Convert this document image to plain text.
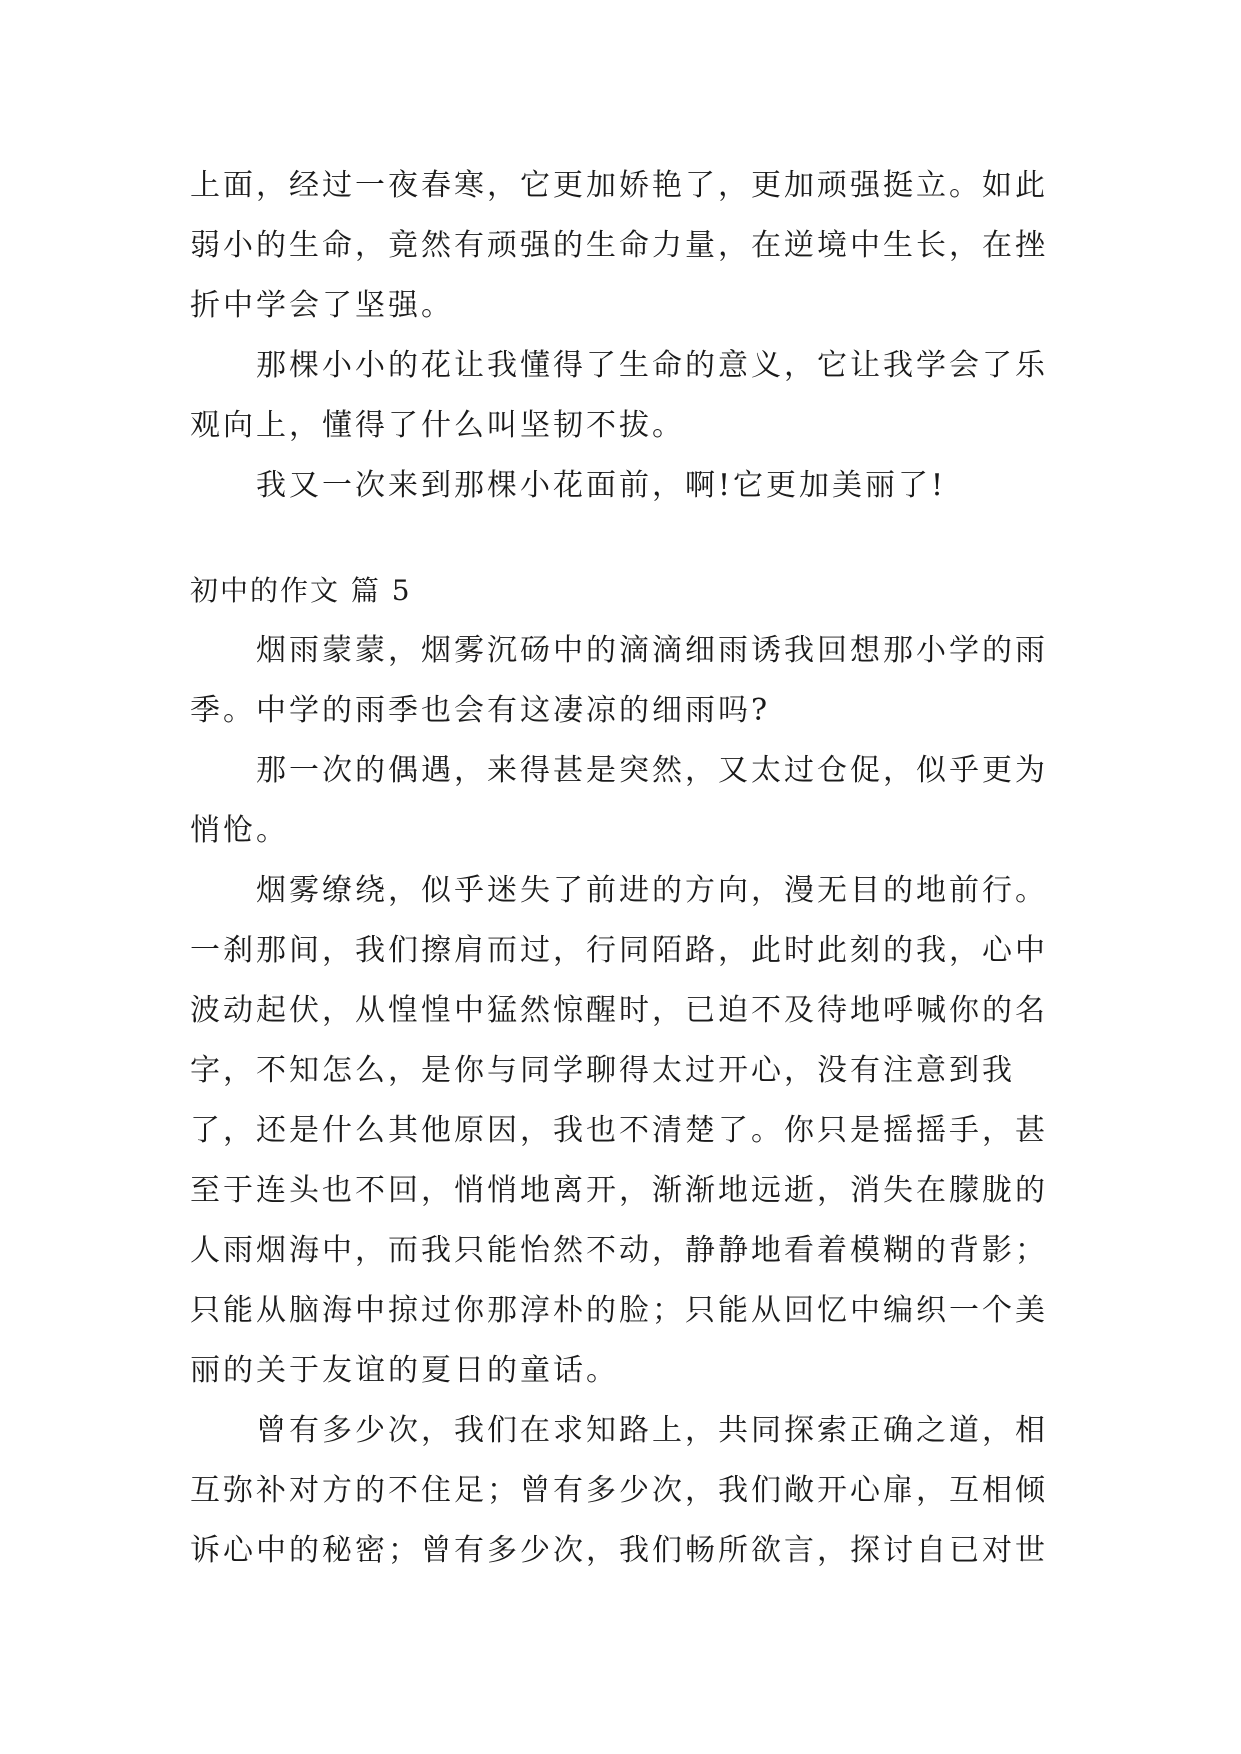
上面，经过一夜春寒，它更加娇艳了，更加顽强挺立。如此弱小的生命，竟然有顽强的生命力量，在逆境中生长，在挫折中学会了坚强。

那棵小小的花让我懂得了生命的意义，它让我学会了乐观向上，懂得了什么叫坚韧不拔。

我又一次来到那棵小花面前，啊!它更加美丽了!

初中的作文 篇 5

烟雨蒙蒙，烟雾沉砀中的滴滴细雨诱我回想那小学的雨季。中学的雨季也会有这凄凉的细雨吗?

那一次的偶遇，来得甚是突然，又太过仓促，似乎更为悄怆。

烟雾缭绕，似乎迷失了前进的方向，漫无目的地前行。一刹那间，我们擦肩而过，行同陌路，此时此刻的我，心中波动起伏，从惶惶中猛然惊醒时，已迫不及待地呼喊你的名字，不知怎么，是你与同学聊得太过开心，没有注意到我了，还是什么其他原因，我也不清楚了。你只是摇摇手，甚至于连头也不回，悄悄地离开，渐渐地远逝，消失在朦胧的人雨烟海中，而我只能怡然不动，静静地看着模糊的背影；只能从脑海中掠过你那淳朴的脸；只能从回忆中编织一个美丽的关于友谊的夏日的童话。

曾有多少次，我们在求知路上，共同探索正确之道，相互弥补对方的不住足；曾有多少次，我们敞开心扉，互相倾诉心中的秘密；曾有多少次，我们畅所欲言，探讨自已对世
